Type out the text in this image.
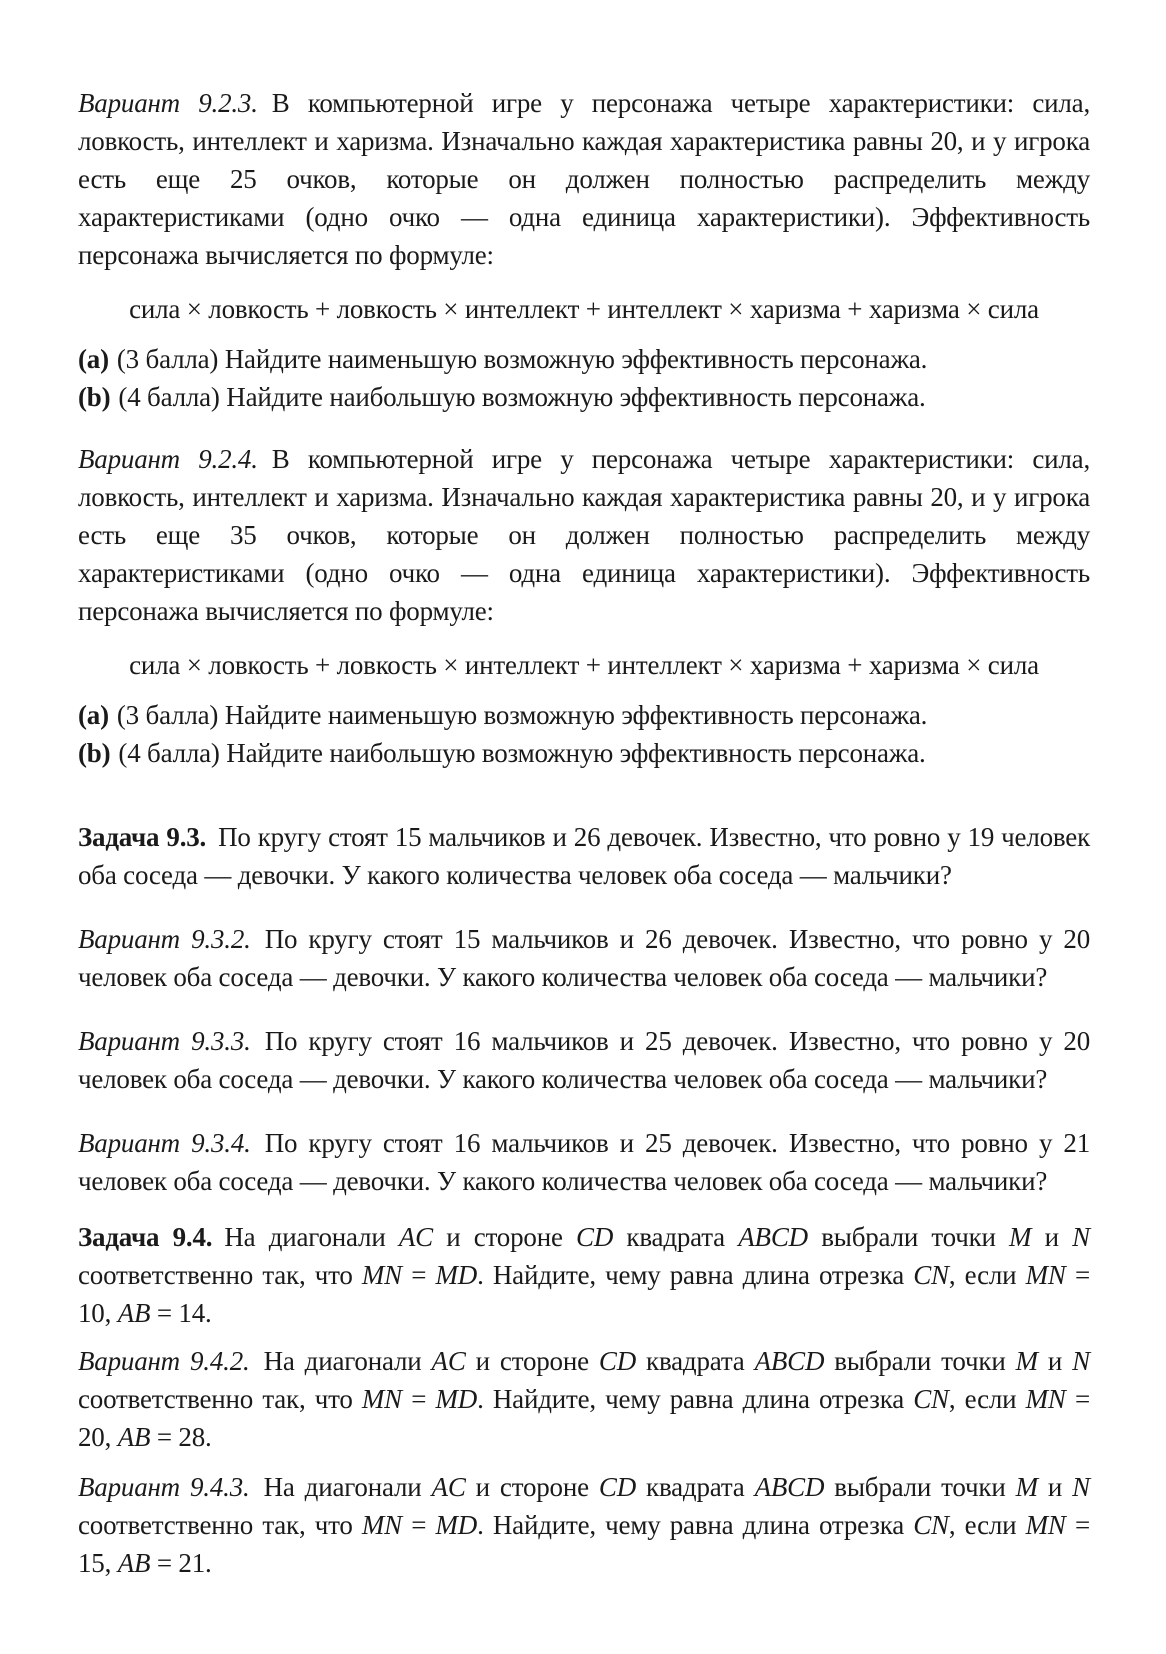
Вариант 9.2.3. В компьютерной игре у персонажа четыре характеристики: сила, ловкость, интеллект и харизма. Изначально каждая характеристика равны 20, и у игрока есть еще 25 очков, которые он должен полностью распределить между характеристиками (одно очко — одна единица характеристики). Эффективность персонажа вычисляется по формуле:

сила × ловкость + ловкость × интеллект + интеллект × харизма + харизма × сила

(a) (3 балла) Найдите наименьшую возможную эффективность персонажа.

(b) (4 балла) Найдите наибольшую возможную эффективность персонажа.

Вариант 9.2.4. В компьютерной игре у персонажа четыре характеристики: сила, ловкость, интеллект и харизма. Изначально каждая характеристика равны 20, и у игрока есть еще 35 очков, которые он должен полностью распределить между характеристиками (одно очко — одна единица характеристики). Эффективность персонажа вычисляется по формуле:

сила × ловкость + ловкость × интеллект + интеллект × харизма + харизма × сила

(a) (3 балла) Найдите наименьшую возможную эффективность персонажа.

(b) (4 балла) Найдите наибольшую возможную эффективность персонажа.

Задача 9.3. По кругу стоят 15 мальчиков и 26 девочек. Известно, что ровно у 19 человек оба соседа — девочки. У какого количества человек оба соседа — мальчики?

Вариант 9.3.2. По кругу стоят 15 мальчиков и 26 девочек. Известно, что ровно у 20 человек оба соседа — девочки. У какого количества человек оба соседа — мальчики?

Вариант 9.3.3. По кругу стоят 16 мальчиков и 25 девочек. Известно, что ровно у 20 человек оба соседа — девочки. У какого количества человек оба соседа — мальчики?

Вариант 9.3.4. По кругу стоят 16 мальчиков и 25 девочек. Известно, что ровно у 21 человек оба соседа — девочки. У какого количества человек оба соседа — мальчики?

Задача 9.4. На диагонали AC и стороне CD квадрата ABCD выбрали точки M и N соответственно так, что MN = MD. Найдите, чему равна длина отрезка CN, если MN = 10, AB = 14.

Вариант 9.4.2. На диагонали AC и стороне CD квадрата ABCD выбрали точки M и N соответственно так, что MN = MD. Найдите, чему равна длина отрезка CN, если MN = 20, AB = 28.

Вариант 9.4.3. На диагонали AC и стороне CD квадрата ABCD выбрали точки M и N соответственно так, что MN = MD. Найдите, чему равна длина отрезка CN, если MN = 15, AB = 21.
